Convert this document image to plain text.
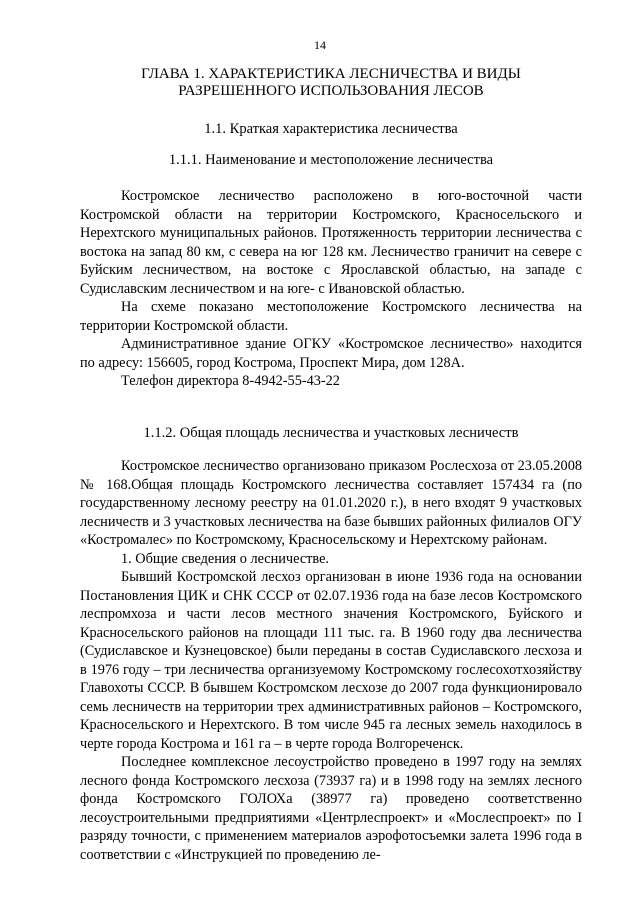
14
ГЛАВА 1. ХАРАКТЕРИСТИКА ЛЕСНИЧЕСТВА И ВИДЫ
РАЗРЕШЕННОГО ИСПОЛЬЗОВАНИЯ ЛЕСОВ
1.1. Краткая характеристика лесничества
1.1.1. Наименование и местоположение лесничества

Костромское лесничество расположено в юго-восточной части Костромской области на территории Костромского, Красносельского и Нерехтского муниципальных районов. Протяженность территории лесничества с востока на запад 80 км, с севера на юг 128 км. Лесничество граничит на севере с Буйским лесничеством, на востоке с Ярославской областью, на западе с Судиславским лесничеством и на юге- с Ивановской областью.

На схеме показано местоположение Костромского лесничества на территории Костромской области.

Административное здание ОГКУ «Костромское лесничество» находится по адресу: 156605, город Кострома, Проспект Мира, дом 128А.

Телефон директора 8-4942-55-43-22

1.1.2. Общая площадь лесничества и участковых лесничеств

Костромское лесничество организовано приказом Рослесхоза от 23.05.2008 № 168.Общая площадь Костромского лесничества составляет 157434 га (по государственному лесному реестру на 01.01.2020 г.), в него входят 9 участковых лесничеств и 3 участковых лесничества на базе бывших районных филиалов ОГУ «Костромалес» по Костромскому, Красносельскому и Нерехтскому районам.

1. Общие сведения о лесничестве.

Бывший Костромской лесхоз организован в июне 1936 года на основании Постановления ЦИК и СНК СССР от 02.07.1936 года на базе лесов Костромского леспромхоза и части лесов местного значения Костромского, Буйского и Красносельского районов на площади 111 тыс. га. В 1960 году два лесничества (Судиславское и Кузнецовское) были переданы в состав Судиславского лесхоза и в 1976 году – три лесничества организуемому Костромскому гослесохотхозяйству Главохоты СССР. В бывшем Костромском лесхозе до 2007 года функционировало семь лесничеств на территории трех административных районов – Костромского, Красносельского и Нерехтского. В том числе 945 га лесных земель находилось в черте города Кострома и 161 га – в черте города Волгореченск.

Последнее комплексное лесоустройство проведено в 1997 году на землях лесного фонда Костромского лесхоза (73937 га) и в 1998 году на землях лесного фонда Костромского ГОЛОХа (38977 га) проведено соответственно лесоустроительными предприятиями «Центрлеспроект» и «Мослеспроект» по I разряду точности, с применением материалов аэрофотосъемки залета 1996 года в соответствии с «Инструкцией по проведению ле-
